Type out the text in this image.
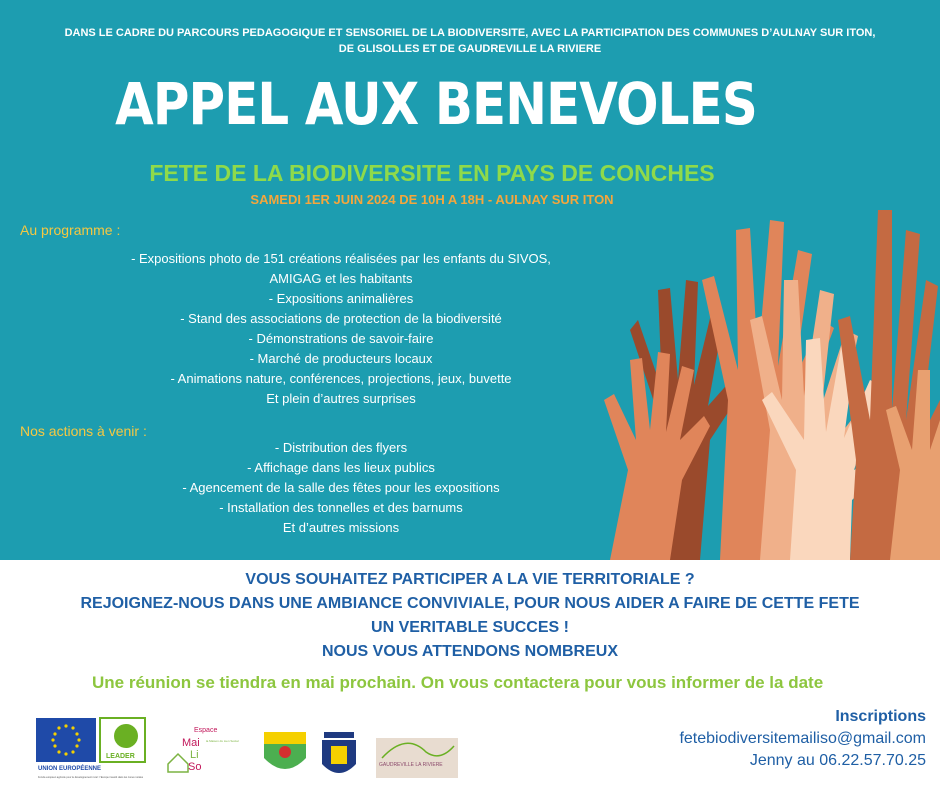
DANS LE CADRE DU PARCOURS PEDAGOGIQUE ET SENSORIEL DE LA BIODIVERSITE, AVEC LA PARTICIPATION DES COMMUNES D’AULNAY SUR ITON,
DE GLISOLLES ET DE GAUDREVILLE LA RIVIERE
APPEL AUX BENEVOLES
FETE DE LA BIODIVERSITE EN PAYS DE CONCHES
SAMEDI 1ER JUIN 2024 DE 10H A 18H - AULNAY SUR ITON
Au programme :
- Expositions photo de 151 créations réalisées par les enfants du SIVOS,
AMIGAG et les habitants
- Expositions animalières
- Stand des associations de protection de la biodiversité
- Démonstrations de savoir-faire
- Marché de producteurs locaux
- Animations nature, conférences, projections, jeux, buvette
Et plein d’autres surprises
Nos actions à venir :
- Distribution des flyers
- Affichage dans les lieux publics
- Agencement de la salle des fêtes pour les expositions
- Installation des tonnelles et des barnums
Et d’autres missions
VOUS SOUHAITEZ PARTICIPER A LA VIE TERRITORIALE ?
REJOIGNEZ-NOUS DANS UNE AMBIANCE CONVIVIALE, POUR NOUS AIDER A FAIRE DE CETTE FETE
UN VERITABLE SUCCES !
NOUS VOUS ATTENDONS NOMBREUX
Une réunion se tiendra en mai prochain. On vous contactera pour vous informer de la date
UNION EUROPÉENNE
Fonds européen agricole pour le développement rural : l'Europe investit dans les zones rurales
LEADER
Espace
Mai
Li
So
la Maison du Lien Social
GAUDREVILLE LA RIVIERE
Inscriptions
fetebiodiversitemailiso@gmail.com
Jenny au 06.22.57.70.25
